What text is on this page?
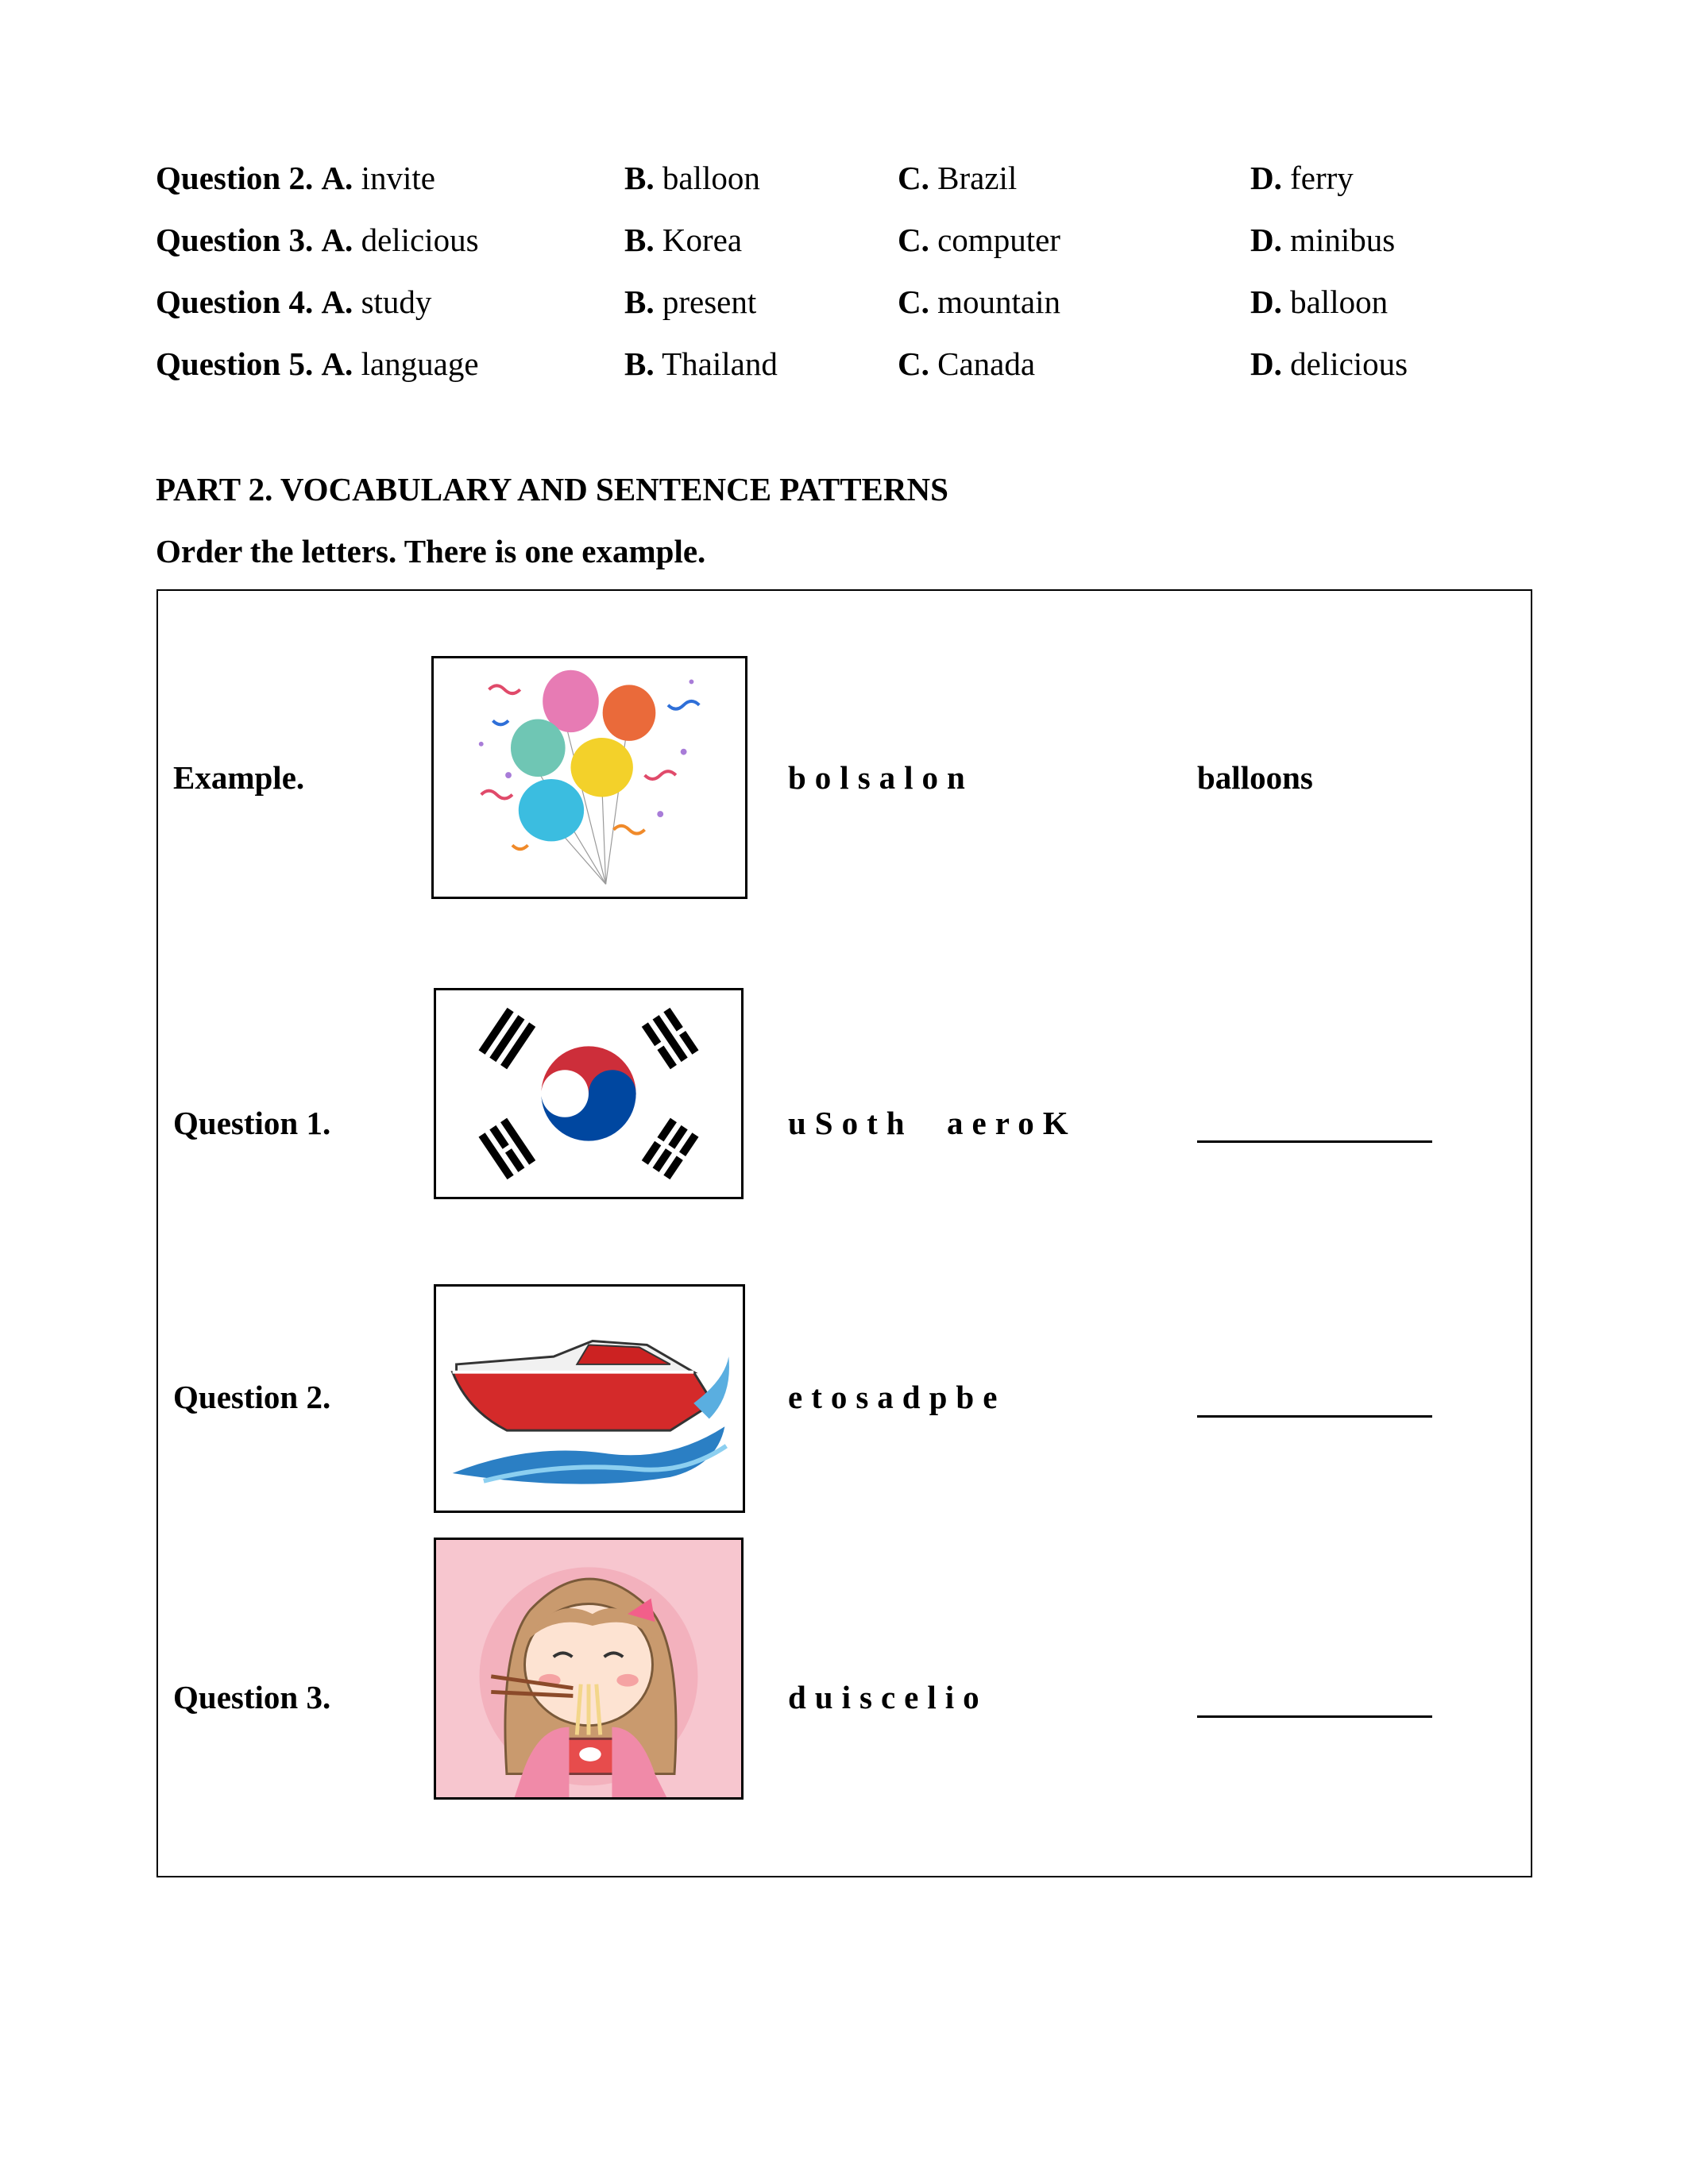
Question 2. A. invite	B. balloon	C. Brazil	D. ferry
Question 3. A. delicious	B. Korea	C. computer	D. minibus
Question 4. A. study	B. present	C. mountain	D. balloon
Question 5. A. language	B. Thailand	C. Canada	D. delicious
PART 2. VOCABULARY AND SENTENCE PATTERNS
Order the letters. There is one example.
Example.	bolsalon	balloons
Question 1.	uSoth  aeroK
Question 2.	etosadpbe
Question 3.	duiscelio
